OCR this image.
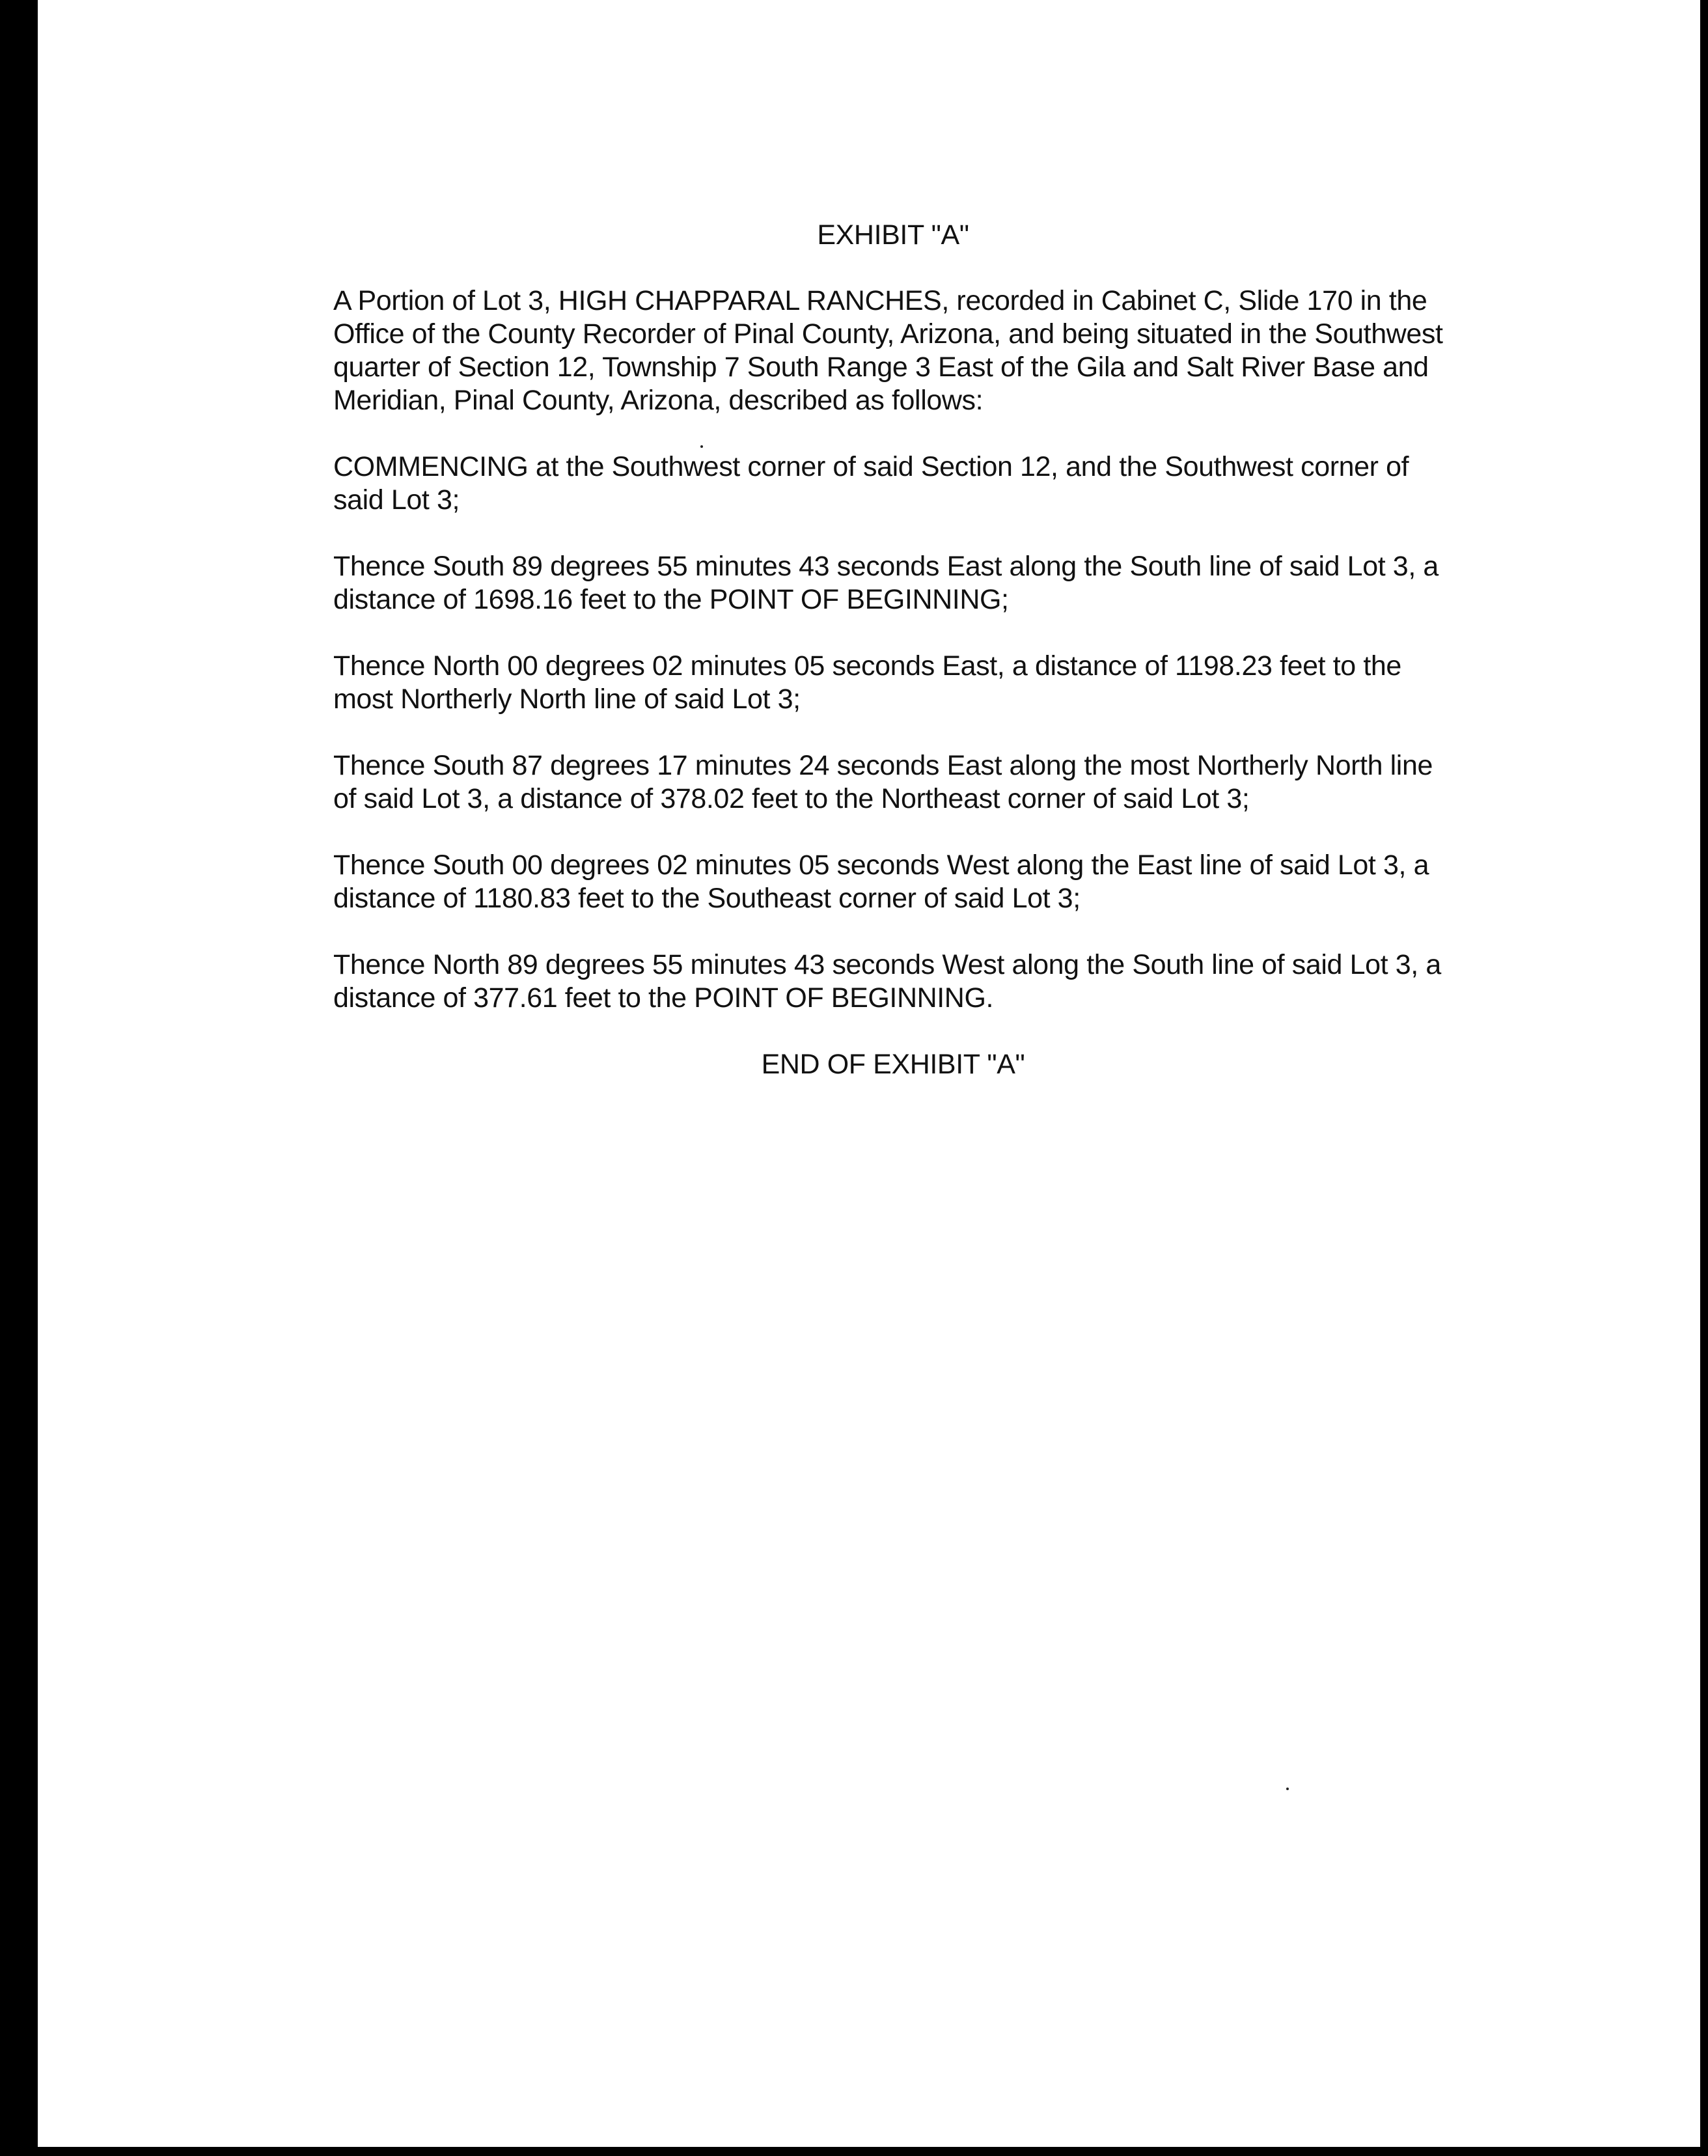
EXHIBIT "A"

A Portion of Lot 3, HIGH CHAPPARAL RANCHES, recorded in Cabinet C, Slide 170 in the Office of the County Recorder of Pinal County, Arizona, and being situated in the Southwest quarter of Section 12, Township 7 South Range 3 East of the Gila and Salt River Base and Meridian, Pinal County, Arizona, described as follows:

COMMENCING at the Southwest corner of said Section 12, and the Southwest corner of said Lot 3;

Thence South 89 degrees 55 minutes 43 seconds East along the South line of said Lot 3, a distance of 1698.16 feet to the POINT OF BEGINNING;

Thence North 00 degrees 02 minutes 05 seconds East, a distance of 1198.23 feet to the most Northerly North line of said Lot 3;

Thence South 87 degrees 17 minutes 24 seconds East along the most Northerly North line of said Lot 3, a distance of 378.02 feet to the Northeast corner of said Lot 3;

Thence South 00 degrees 02 minutes 05 seconds West along the East line of said Lot 3, a distance of 1180.83 feet to the Southeast corner of said Lot 3;

Thence North 89 degrees 55 minutes 43 seconds West along the South line of said Lot 3, a distance of 377.61 feet to the POINT OF BEGINNING.

END OF EXHIBIT "A"
